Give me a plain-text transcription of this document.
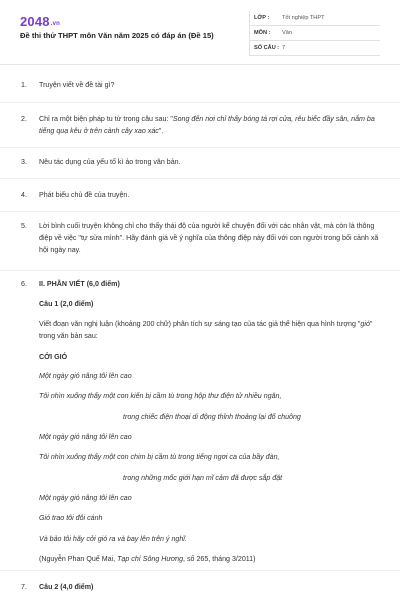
2048.vn
Đề thi thử THPT môn Văn năm 2025 có đáp án (Đề 15)
LỚP :	Tốt nghiệp THPT
MÔN :	Văn
SỐ CÂU : 7
1. Truyện viết về đề tài gì?
2. Chỉ ra một biện pháp tu từ trong câu sau: "Song đến nơi chỉ thấy bóng tá rợi cửa, rêu biếc đầy sân, nắm ba tiếng quạ kêu ở trên cành cây xao xác".
3. Nêu tác dụng của yếu tố kì ảo trong văn bản.
4. Phát biểu chủ đề của truyện.
5. Lời bình cuối truyện không chỉ cho thấy thái độ của người kể chuyện đối với các nhân vật, mà còn là thông điệp về việc "tự sửa mình". Hãy đánh giá về ý nghĩa của thông điệp này đối với con người trong bối cảnh xã hội ngày nay.
6. II. PHẦN VIẾT (6,0 điểm)
Câu 1 (2,0 điểm)
Viết đoạn văn nghị luận (khoảng 200 chữ) phân tích sự sáng tạo của tác giả thể hiện qua hình tượng "gió" trong văn bản sau:
CỞI GIÓ
Một ngày gió nâng tôi lên cao
Tôi nhìn xuống thấy một con kiến bị cầm tù trong hộp thư điện tử nhiều ngăn,
trong chiếc điện thoại di động thỉnh thoảng lại đổ chuông
Một ngày gió nâng tôi lên cao
Tôi nhìn xuống thấy một con chim bị cầm tù trong tiếng ngơi ca của bầy đàn,
trong những mốc giới hạn mĩ cảm đã được sắp đặt
Một ngày gió nâng tôi lên cao
Gió trao tôi đôi cánh
Và bảo tôi hãy cởi gió ra và bay lên trên ý nghĩ.
(Nguyễn Phan Quế Mai, Tạp chí Sông Hương, số 265, tháng 3/2011)
7. Câu 2 (4,0 điểm)
